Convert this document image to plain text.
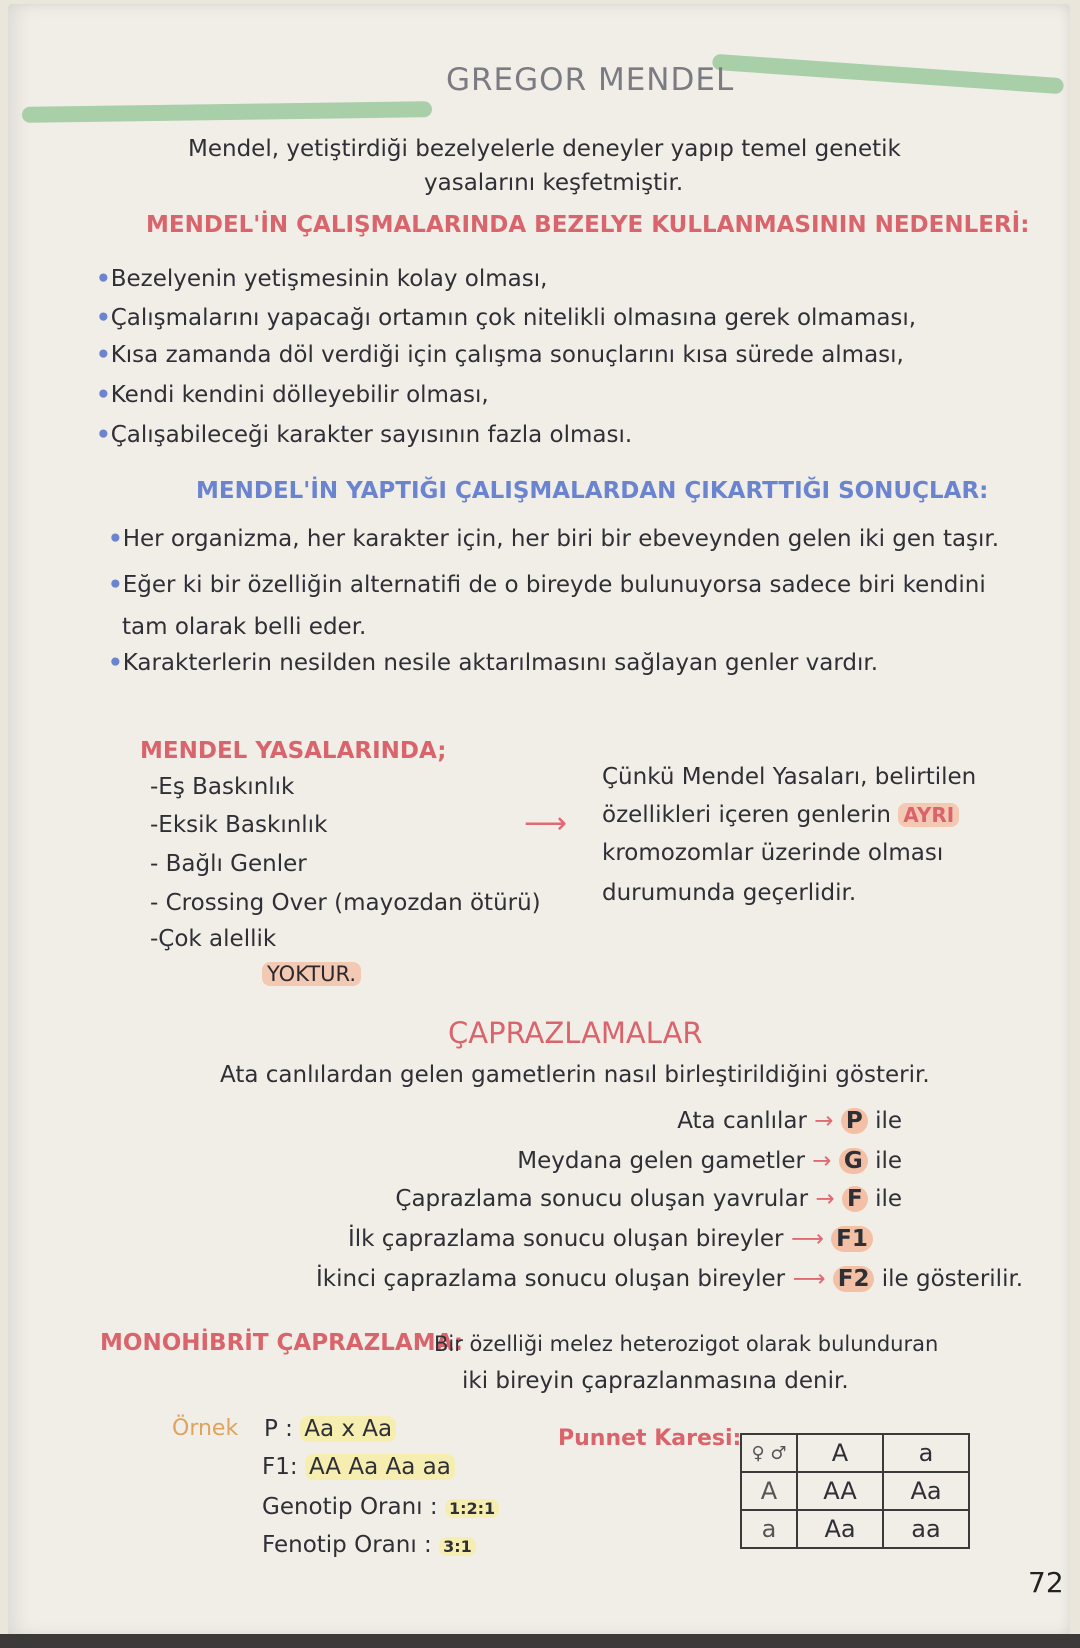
GREGOR MENDEL
Mendel, yetiştirdiği bezelyelerle deneyler yapıp temel genetik
yasalarını keşfetmiştir.
MENDEL'İN ÇALIŞMALARINDA BEZELYE KULLANMASININ NEDENLERİ:
•Bezelyenin yetişmesinin kolay olması,
•Çalışmalarını yapacağı ortamın çok nitelikli olmasına gerek olmaması,
•Kısa zamanda döl verdiği için çalışma sonuçlarını kısa sürede alması,
•Kendi kendini dölleyebilir olması,
•Çalışabileceği karakter sayısının fazla olması.
MENDEL'İN YAPTIĞI ÇALIŞMALARDAN ÇIKARTTIĞI SONUÇLAR:
•Her organizma, her karakter için, her biri bir ebeveynden gelen iki gen taşır.
•Eğer ki bir özelliğin alternatifi de o bireyde bulunuyorsa sadece biri kendini
tam olarak belli eder.
•Karakterlerin nesilden nesile aktarılmasını sağlayan genler vardır.
MENDEL YASALARINDA;
-Eş Baskınlık
-Eksik Baskınlık
- Bağlı Genler
- Crossing Over (mayozdan ötürü)
-Çok alellik
YOKTUR.
⟶
Çünkü Mendel Yasaları, belirtilen
özellikleri içeren genlerin AYRI
kromozomlar üzerinde olması
durumunda geçerlidir.
ÇAPRAZLAMALAR
Ata canlılardan gelen gametlerin nasıl birleştirildiğini gösterir.
Ata canlılar → P ile
Meydana gelen gametler → G ile
Çaprazlama sonucu oluşan yavrular → F ile
İlk çaprazlama sonucu oluşan bireyler ⟶ F1
İkinci çaprazlama sonucu oluşan bireyler ⟶ F2 ile gösterilir.
MONOHİBRİT ÇAPRAZLAMA:
Bir özelliği melez heterozigot olarak bulunduran
iki bireyin çaprazlanmasına denir.
Örnek P : Aa x Aa
F1: AA Aa Aa aa
Genotip Oranı : 1:2:1
Fenotip Oranı : 3:1
Punnet Karesi:
♀ ♂	A	a
A	AA	Aa
a	Aa	aa
72
